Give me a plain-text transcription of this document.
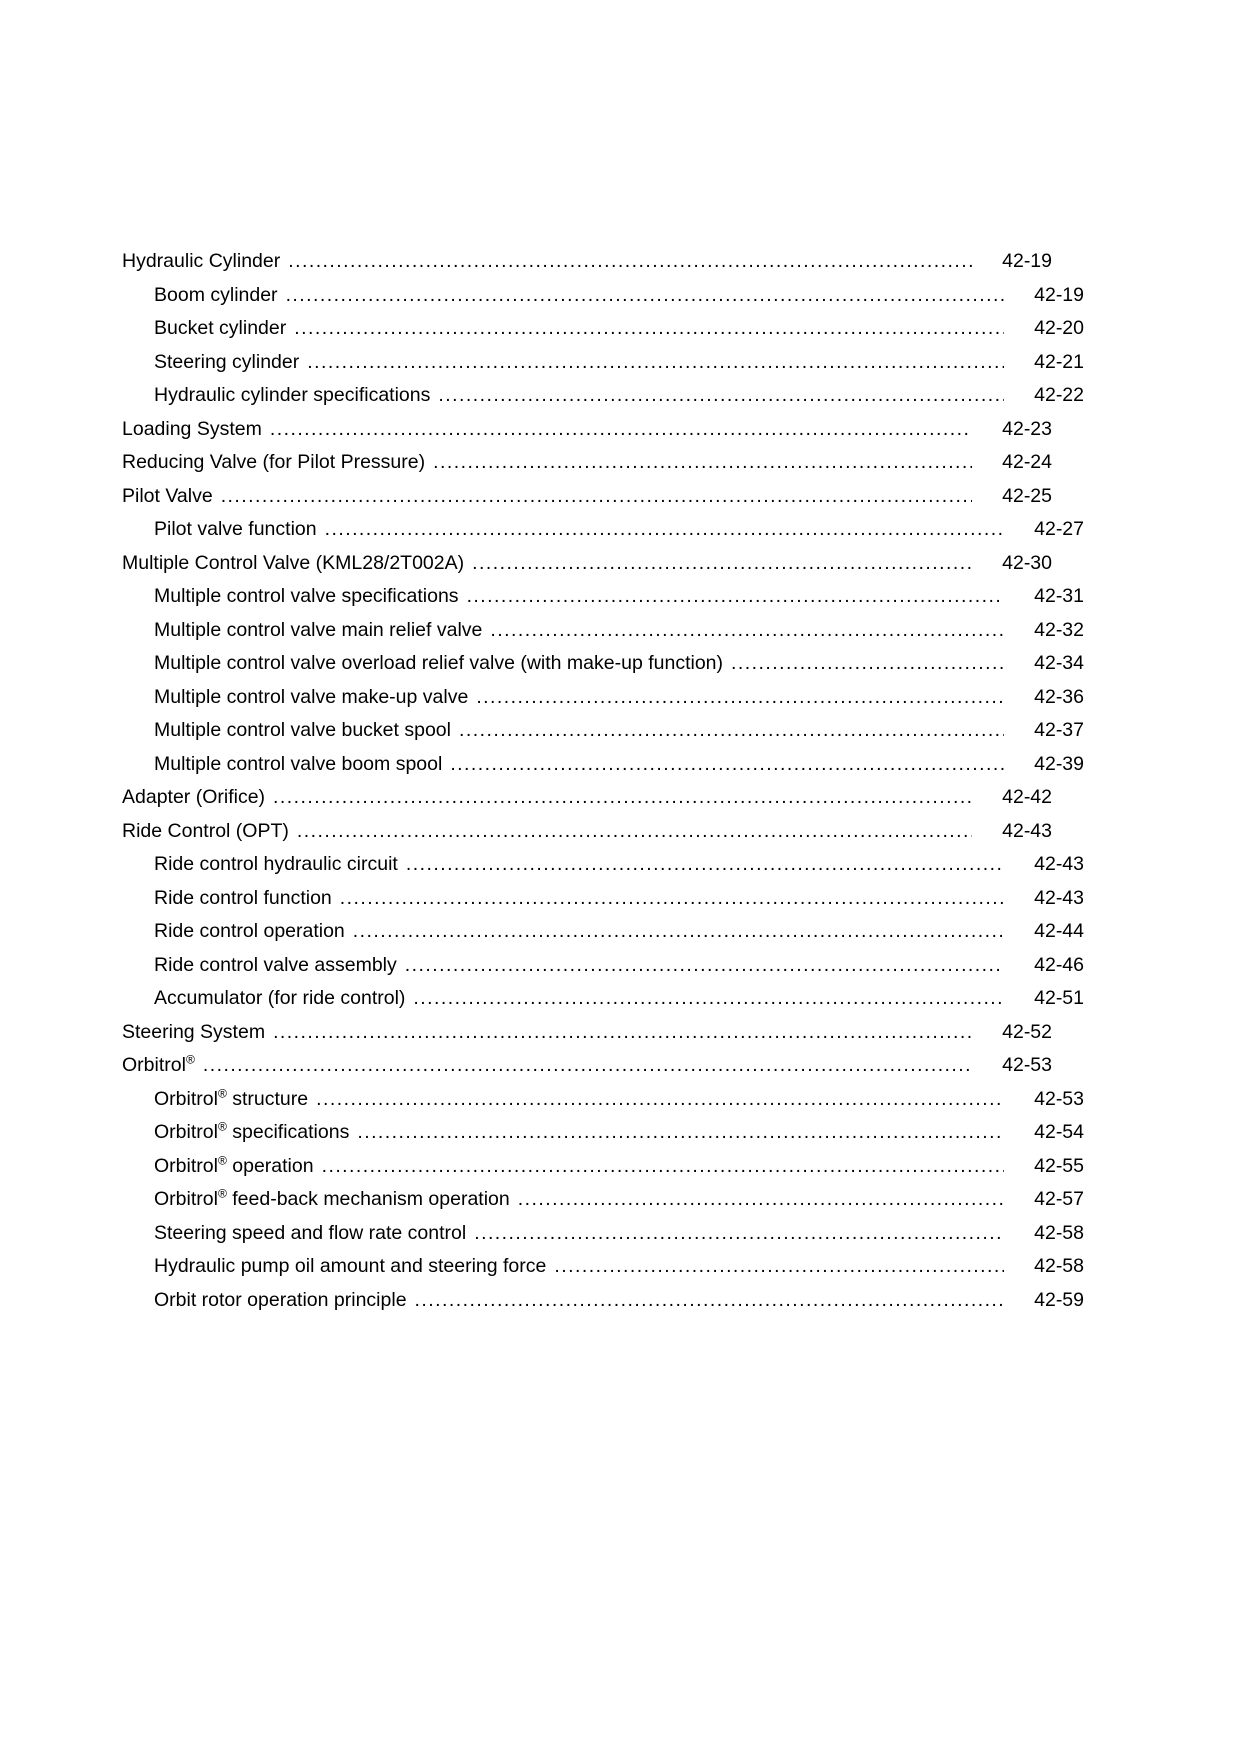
Hydraulic Cylinder .....	42-19
Boom cylinder .....	42-19
Bucket cylinder .....	42-20
Steering cylinder .....	42-21
Hydraulic cylinder specifications .....	42-22
Loading System .....	42-23
Reducing Valve (for Pilot Pressure) .....	42-24
Pilot Valve .....	42-25
Pilot valve function .....	42-27
Multiple Control Valve (KML28/2T002A) .....	42-30
Multiple control valve specifications .....	42-31
Multiple control valve main relief valve .....	42-32
Multiple control valve overload relief valve (with make-up function) .....	42-34
Multiple control valve make-up valve .....	42-36
Multiple control valve bucket spool .....	42-37
Multiple control valve boom spool .....	42-39
Adapter (Orifice) .....	42-42
Ride Control (OPT) .....	42-43
Ride control hydraulic circuit .....	42-43
Ride control function .....	42-43
Ride control operation .....	42-44
Ride control valve assembly .....	42-46
Accumulator (for ride control) .....	42-51
Steering System .....	42-52
Orbitrol® .....	42-53
Orbitrol® structure .....	42-53
Orbitrol® specifications .....	42-54
Orbitrol® operation .....	42-55
Orbitrol® feed-back mechanism operation .....	42-57
Steering speed and flow rate control .....	42-58
Hydraulic pump oil amount and steering force .....	42-58
Orbit rotor operation principle .....	42-59
